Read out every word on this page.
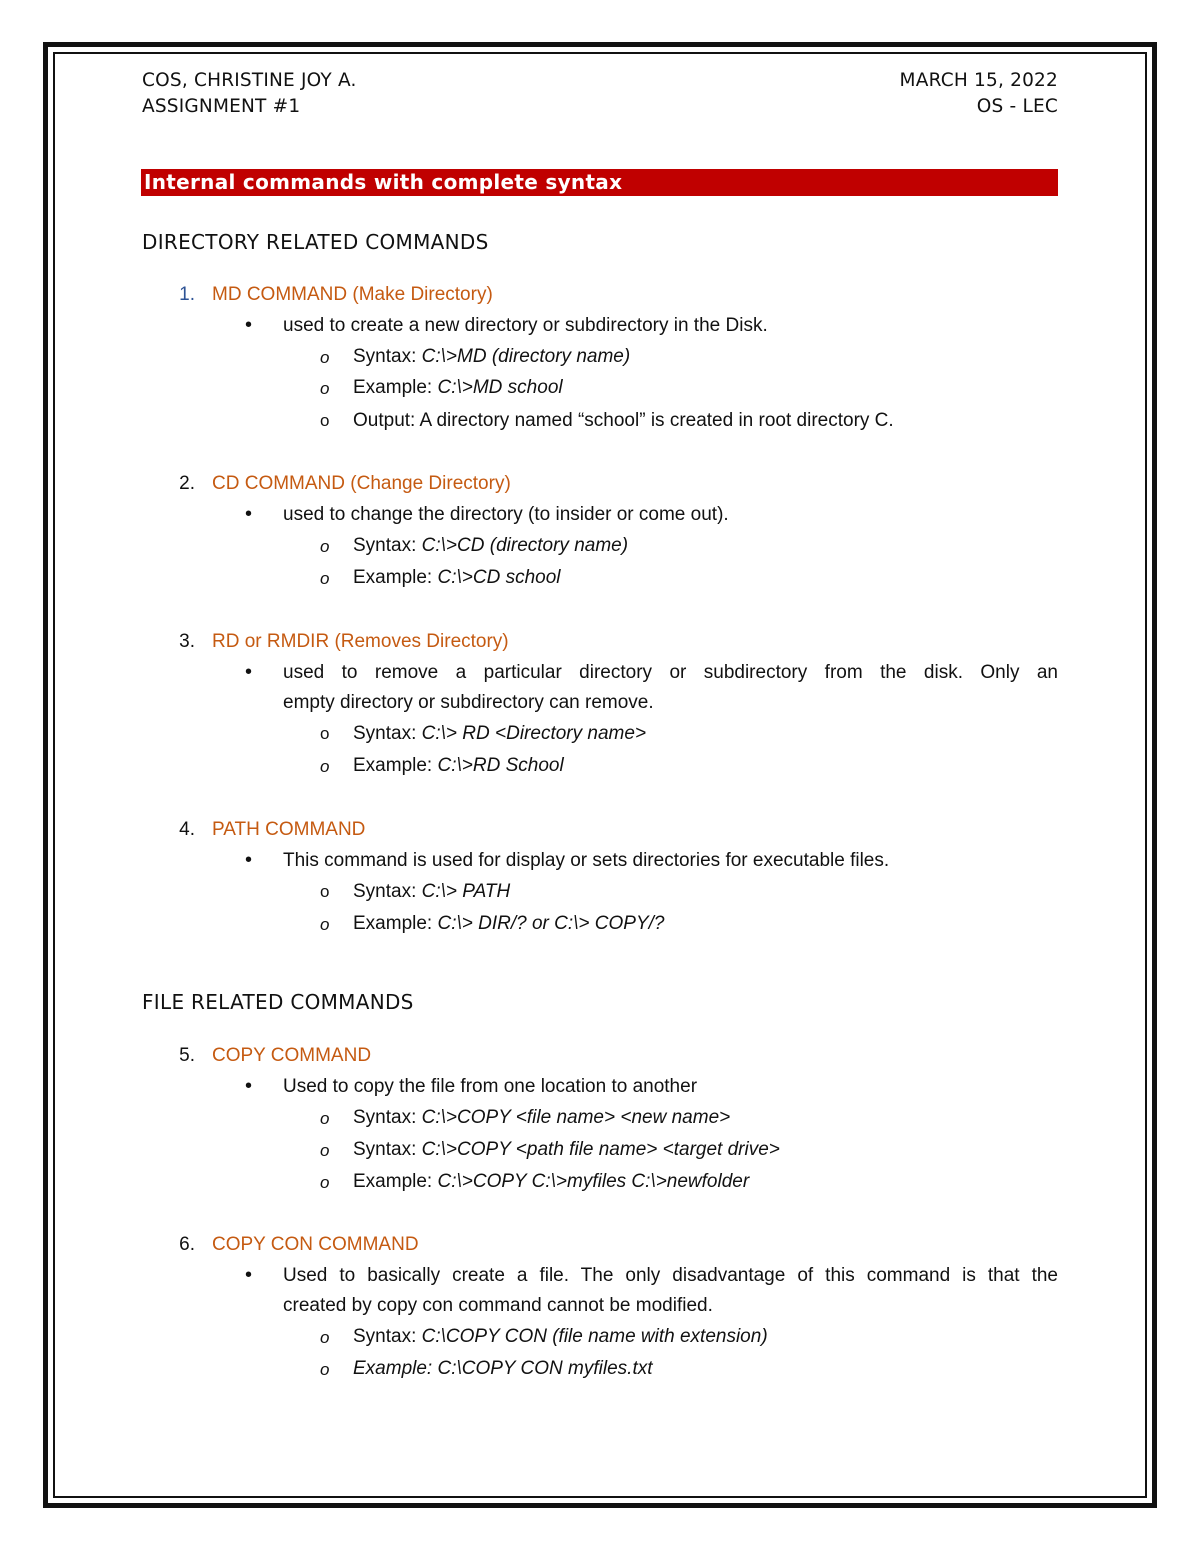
COS, CHRISTINE JOY A.
ASSIGNMENT #1
MARCH 15, 2022
OS - LEC
Internal commands with complete syntax
DIRECTORY RELATED COMMANDS
1. MD COMMAND (Make Directory)
• used to create a new directory or subdirectory in the Disk.
o Syntax: C:\>MD (directory name)
o Example: C:\>MD school
o Output: A directory named “school” is created in root directory C.
2. CD COMMAND (Change Directory)
• used to change the directory (to insider or come out).
o Syntax: C:\>CD (directory name)
o Example: C:\>CD school
3. RD or RMDIR (Removes Directory)
• used to remove a particular directory or subdirectory from the disk. Only an
empty directory or subdirectory can remove.
o Syntax: C:\> RD <Directory name>
o Example: C:\>RD School
4. PATH COMMAND
• This command is used for display or sets directories for executable files.
o Syntax: C:\> PATH
o Example: C:\> DIR/? or C:\> COPY/?
FILE RELATED COMMANDS
5. COPY COMMAND
• Used to copy the file from one location to another
o Syntax: C:\>COPY <file name> <new name>
o Syntax: C:\>COPY <path file name> <target drive>
o Example: C:\>COPY C:\>myfiles C:\>newfolder
6. COPY CON COMMAND
• Used to basically create a file. The only disadvantage of this command is that the
created by copy con command cannot be modified.
o Syntax: C:\COPY CON (file name with extension)
o Example: C:\COPY CON myfiles.txt
